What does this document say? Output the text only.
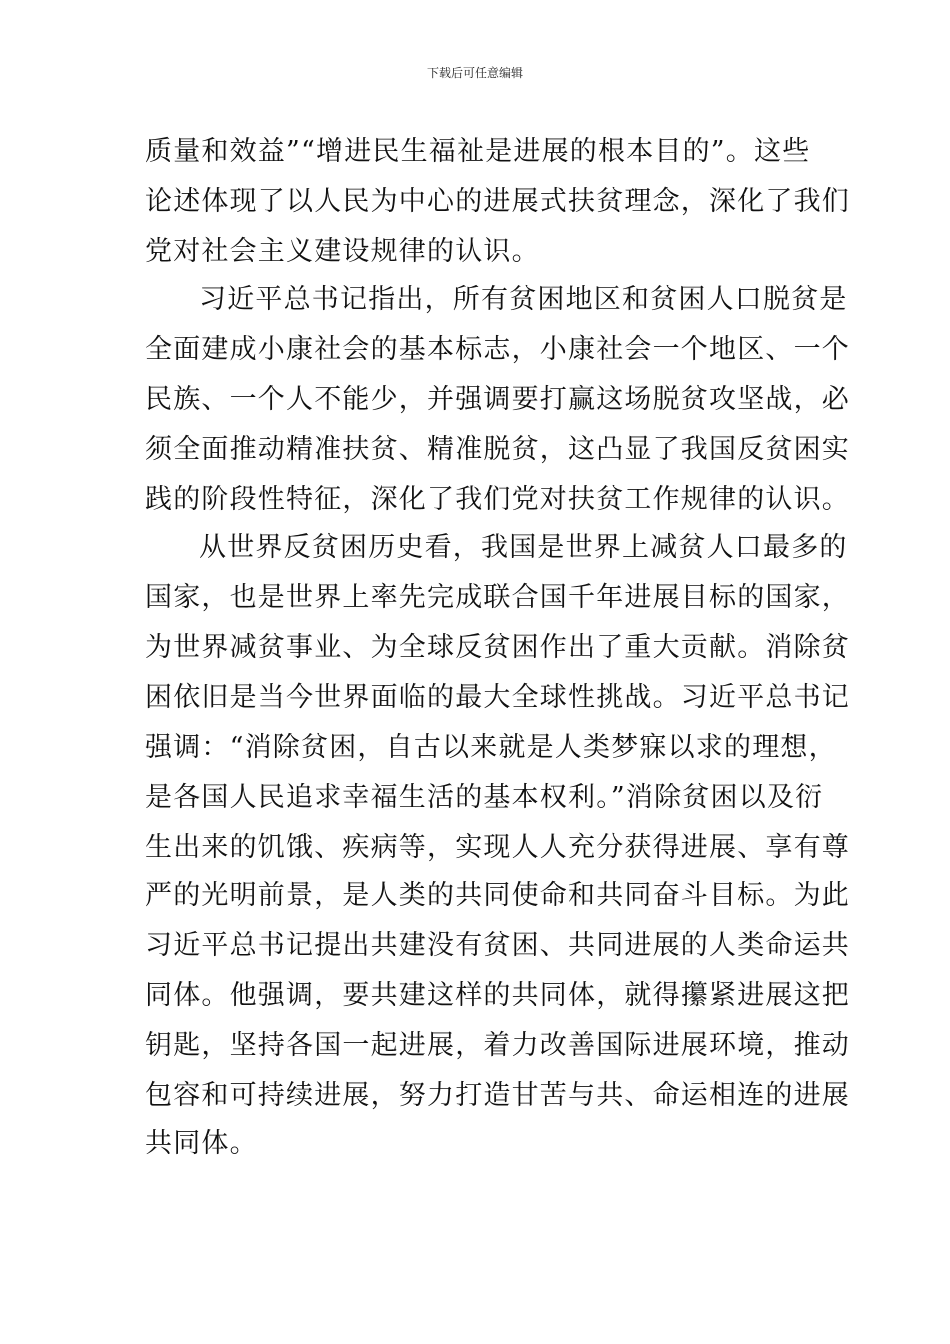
下载后可任意编辑
质量和效益”“增进民生福祉是进展的根本目的”。这些
论述体现了以人民为中心的进展式扶贫理念，深化了我们
党对社会主义建设规律的认识。
习近平总书记指出，所有贫困地区和贫困人口脱贫是
全面建成小康社会的基本标志，小康社会一个地区、一个
民族、一个人不能少，并强调要打赢这场脱贫攻坚战，必
须全面推动精准扶贫、精准脱贫，这凸显了我国反贫困实
践的阶段性特征，深化了我们党对扶贫工作规律的认识。
从世界反贫困历史看，我国是世界上减贫人口最多的
国家，也是世界上率先完成联合国千年进展目标的国家，
为世界减贫事业、为全球反贫困作出了重大贡献。消除贫
困依旧是当今世界面临的最大全球性挑战。习近平总书记
强调：“消除贫困，自古以来就是人类梦寐以求的理想，
是各国人民追求幸福生活的基本权利。”消除贫困以及衍
生出来的饥饿、疾病等，实现人人充分获得进展、享有尊
严的光明前景，是人类的共同使命和共同奋斗目标。为此
习近平总书记提出共建没有贫困、共同进展的人类命运共
同体。他强调，要共建这样的共同体，就得攥紧进展这把
钥匙，坚持各国一起进展，着力改善国际进展环境，推动
包容和可持续进展，努力打造甘苦与共、命运相连的进展
共同体。
